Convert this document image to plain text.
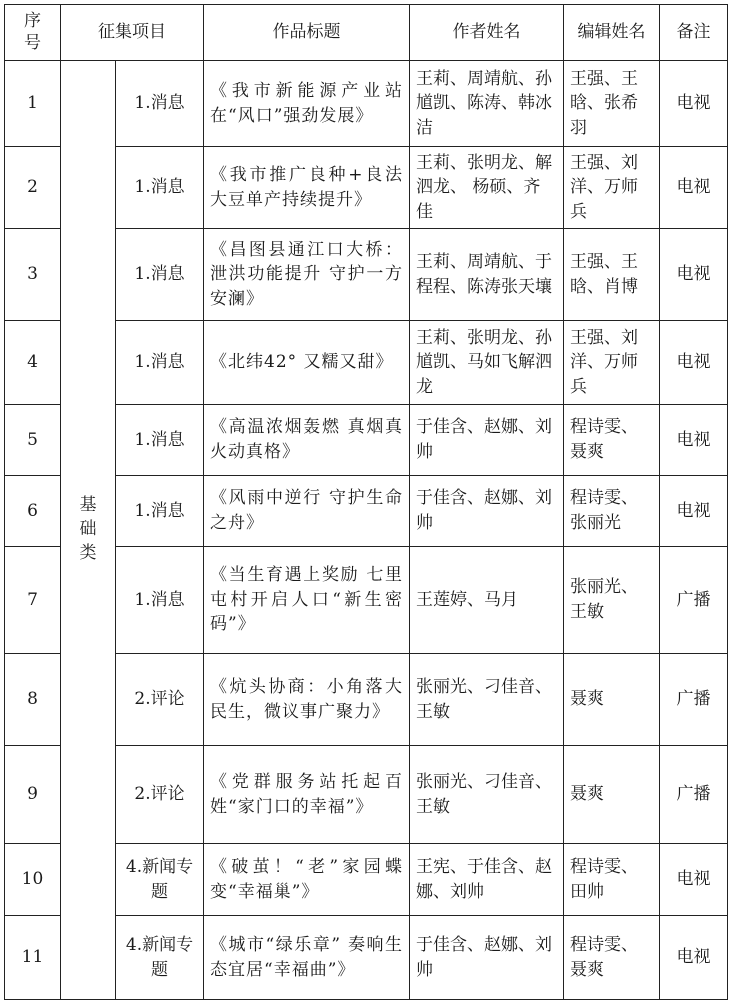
序号	征集项目		作品标题	作者姓名	编辑姓名	备注
1	基础类	1.消息	《我市新能源产业站在“风口”强劲发展》	王莉、周靖航、孙馗凯、陈涛、韩冰洁	王强、王晗、张希羽	电视
2		1.消息	《我市推广良种+良法 大豆单产持续提升》	王莉、张明龙、解泗龙、 杨硕、齐佳	王强、刘洋、万师兵	电视
3		1.消息	《昌图县通江口大桥：泄洪功能提升 守护一方安澜》	王莉、周靖航、于程程、陈涛张天壤	王强、王晗、肖博	电视
4		1.消息	《北纬42° 又糯又甜》	王莉、张明龙、孙馗凯、马如飞解泗龙	王强、刘洋、万师兵	电视
5		1.消息	《高温浓烟轰燃 真烟真火动真格》	于佳含、赵娜、刘帅	程诗雯、聂爽	电视
6		1.消息	《风雨中逆行 守护生命之舟》	于佳含、赵娜、刘帅	程诗雯、张丽光	电视
7		1.消息	《当生育遇上奖励 七里屯村开启人口“新生密码”》	王莲婷、马月	张丽光、王敏	广播
8		2.评论	《炕头协商：小角落大民生，微议事广聚力》	张丽光、刁佳音、王敏	聂爽	广播
9		2.评论	《党群服务站托起百姓“家门口的幸福”》	张丽光、刁佳音、王敏	聂爽	广播
10		4.新闻专题	《破茧！“老”家园蝶变“幸福巢”》	王宪、于佳含、赵娜、刘帅	程诗雯、田帅	电视
11		4.新闻专题	《城市“绿乐章” 奏响生态宜居“幸福曲”》	于佳含、赵娜、刘帅	程诗雯、聂爽	电视
